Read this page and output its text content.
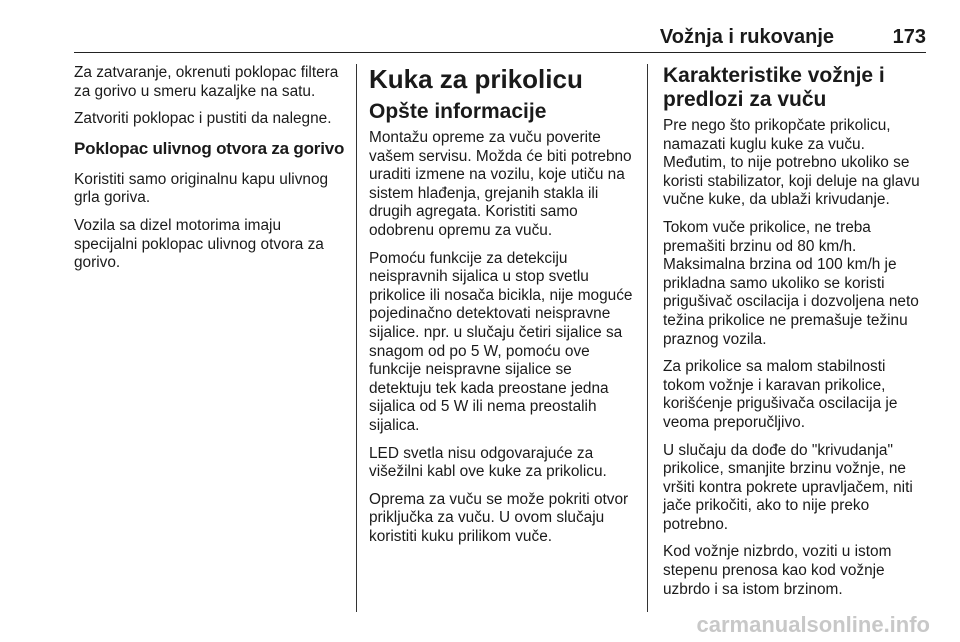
Vožnja i rukovanje	173

Za zatvaranje, okrenuti poklopac filtera za gorivo u smeru kazaljke na satu.

Zatvoriti poklopac i pustiti da nalegne.

Poklopac ulivnog otvora za gorivo

Koristiti samo originalnu kapu ulivnog grla goriva.

Vozila sa dizel motorima imaju specijalni poklopac ulivnog otvora za gorivo.

Kuka za prikolicu
Opšte informacije

Montažu opreme za vuču poverite vašem servisu. Možda će biti potrebno uraditi izmene na vozilu, koje utiču na sistem hlađenja, grejanih stakla ili drugih agregata. Koristiti samo odobrenu opremu za vuču.

Pomoću funkcije za detekciju neispravnih sijalica u stop svetlu prikolice ili nosača bicikla, nije moguće pojedinačno detektovati neispravne sijalice. npr. u slučaju četiri sijalice sa snagom od po 5 W, pomoću ove funkcije neispravne sijalice se detektuju tek kada preostane jedna sijalica od 5 W ili nema preostalih sijalica.

LED svetla nisu odgovarajuće za višežilni kabl ove kuke za prikolicu.

Oprema za vuču se može pokriti otvor priključka za vuču. U ovom slučaju koristiti kuku prilikom vuče.

Karakteristike vožnje i predlozi za vuču

Pre nego što prikopčate prikolicu, namazati kuglu kuke za vuču. Međutim, to nije potrebno ukoliko se koristi stabilizator, koji deluje na glavu vučne kuke, da ublaži krivudanje.

Tokom vuče prikolice, ne treba premašiti brzinu od 80 km/h. Maksimalna brzina od 100 km/h je prikladna samo ukoliko se koristi prigušivač oscilacija i dozvoljena neto težina prikolice ne premašuje težinu praznog vozila.

Za prikolice sa malom stabilnosti tokom vožnje i karavan prikolice, korišćenje prigušivača oscilacija je veoma preporučljivo.

U slučaju da dođe do "krivudanja" prikolice, smanjite brzinu vožnje, ne vršiti kontra pokrete upravljačem, niti jače prikočiti, ako to nije preko potrebno.

Kod vožnje nizbrdo, voziti u istom stepenu prenosa kao kod vožnje uzbrdo i sa istom brzinom.

carmanualsonline.info
